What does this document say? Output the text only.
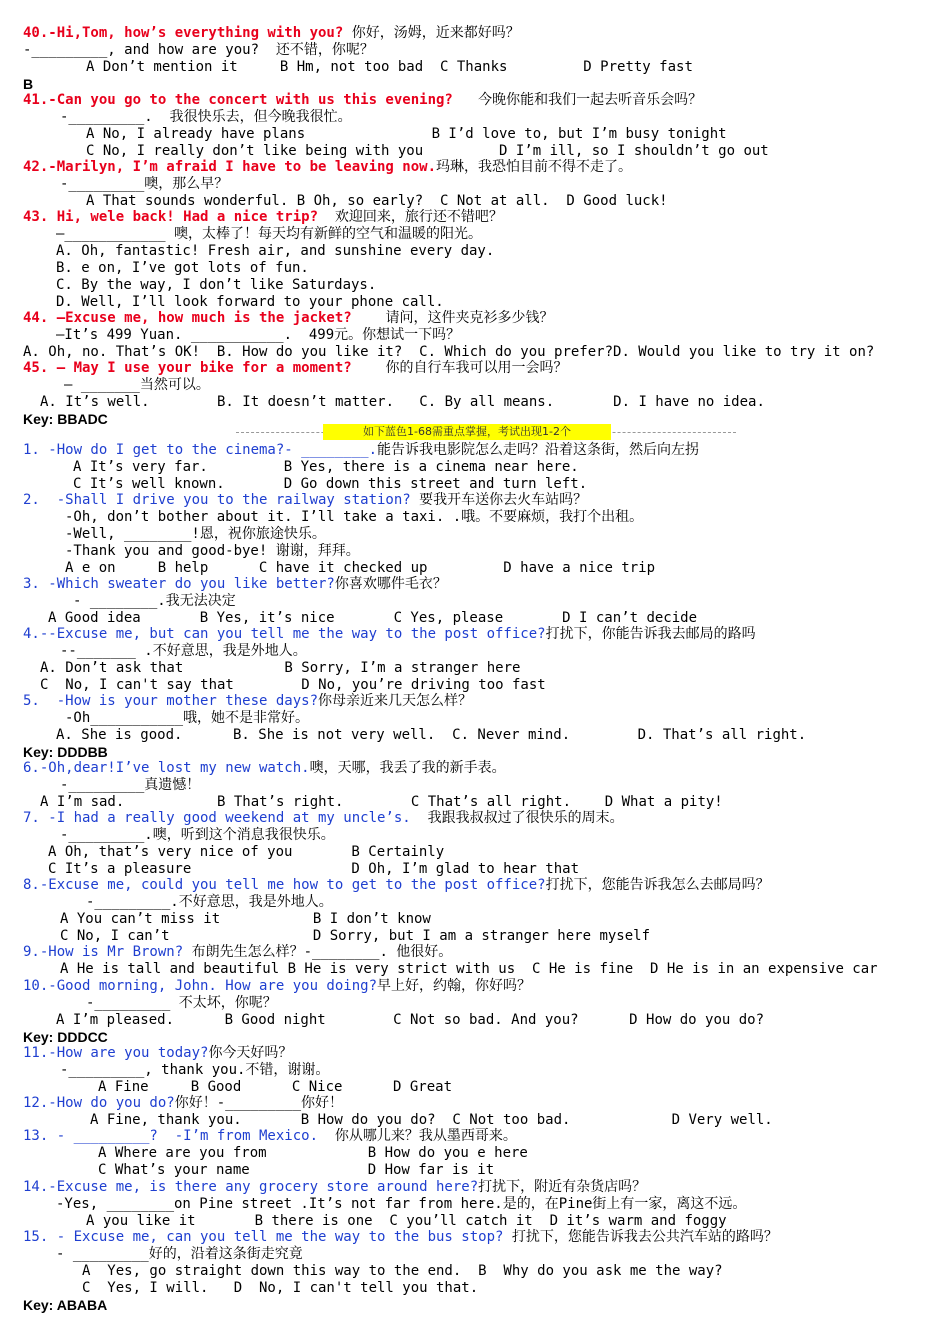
40.-Hi,Tom, how’s everything with you? 你好，汤姆，近来都好吗？
-_________, and how are you?  还不错，你呢？
A Don’t mention it     B Hm, not too bad  C Thanks         D Pretty fast
B
41.-Can you go to the concert with us this evening?   今晚你能和我们一起去听音乐会吗？
-_________.  我很快乐去，但今晚我很忙。
A No, I already have plans               B I’d love to, but I’m busy tonight
C No, I really don’t like being with you         D I’m ill, so I shouldn’t go out
42.-Marilyn, I’m afraid I have to be leaving now.玛琳，我恐怕目前不得不走了。
-_________噢，那么早？
A That sounds wonderful. B Oh, so early?  C Not at all.  D Good luck!
43. Hi, wele back! Had a nice trip?  欢迎回来，旅行还不错吧？
—____________ 噢，太棒了！每天均有新鲜的空气和温暖的阳光。
A. Oh, fantastic! Fresh air, and sunshine every day.
B. e on, I’ve got lots of fun.
C. By the way, I don’t like Saturdays.
D. Well, I’ll look forward to your phone call.
44. —Excuse me, how much is the jacket?    请问，这件夹克衫多少钱？
—It’s 499 Yuan. ___________.  499元。你想试一下吗？
A. Oh, no. That’s OK!  B. How do you like it?  C. Which do you prefer?D. Would you like to try it on?
45. — May I use your bike for a moment?    你的自行车我可以用一会吗？
— _______当然可以。
A. It’s well.        B. It doesn’t matter.   C. By all means.       D. I have no idea.
Key: BBADC
如下蓝色1-68需重点掌握，考试出现1-2个
1. -How do I get to the cinema?- ________.能告诉我电影院怎么走吗？沿着这条街，然后向左拐
A It’s very far.         B Yes, there is a cinema near here.
C It’s well known.       D Go down this street and turn left.
2.  -Shall I drive you to the railway station? 要我开车送你去火车站吗？
-Oh, don’t bother about it. I’ll take a taxi. .哦。不要麻烦，我打个出租。
-Well, ________!恩，祝你旅途快乐。
-Thank you and good-bye! 谢谢，拜拜。
A e on     B help      C have it checked up         D have a nice trip
3. -Which sweater do you like better?你喜欢哪件毛衣？
- ________.我无法决定
A Good idea       B Yes, it’s nice       C Yes, please       D I can’t decide
4.--Excuse me, but can you tell me the way to the post office?打扰下，你能告诉我去邮局的路吗
--_______ .不好意思，我是外地人。
A. Don’t ask that            B Sorry, I’m a stranger here
C  No, I can't say that        D No, you’re driving too fast
5.  -How is your mother these days?你母亲近来几天怎么样？
-Oh___________哦，她不是非常好。
A. She is good.      B. She is not very well.  C. Never mind.        D. That’s all right.
Key: DDDBB
6.-Oh,dear!I’ve lost my new watch.噢，天哪，我丢了我的新手表。
-_________真遗憾！
A I’m sad.           B That’s right.        C That’s all right.    D What a pity!
7. -I had a really good weekend at my uncle’s.  我跟我叔叔过了很快乐的周末。
-_________.噢，听到这个消息我很快乐。
A Oh, that’s very nice of you       B Certainly
C It’s a pleasure                   D Oh, I’m glad to hear that
8.-Excuse me, could you tell me how to get to the post office?打扰下，您能告诉我怎么去邮局吗？
-_________.不好意思，我是外地人。
A You can’t miss it           B I don’t know
C No, I can’t                 D Sorry, but I am a stranger here myself
9.-How is Mr Brown? 布朗先生怎么样？-________. 他很好。
A He is tall and beautiful B He is very strict with us  C He is fine  D He is in an expensive car
10.-Good morning, John. How are you doing?早上好，约翰，你好吗？
-_________ 不太坏，你呢？
A I’m pleased.      B Good night        C Not so bad. And you?      D How do you do?
Key: DDDCC
11.-How are you today?你今天好吗？
-_________, thank you.不错，谢谢。
A Fine     B Good      C Nice      D Great
12.-How do you do?你好！-_________你好！
A Fine, thank you.       B How do you do?  C Not too bad.            D Very well.
13. - _________?  -I’m from Mexico.  你从哪儿来？我从墨西哥来。
A Where are you from            B How do you e here
C What’s your name              D How far is it
14.-Excuse me, is there any grocery store around here?打扰下，附近有杂货店吗？
-Yes, ________on Pine street .It’s not far from here.是的，在Pine街上有一家，离这不远。
A you like it       B there is one  C you’ll catch it  D it’s warm and foggy
15. - Excuse me, can you tell me the way to the bus stop? 打扰下，您能告诉我去公共汽车站的路吗？
- _________好的，沿着这条街走究竟
A  Yes, go straight down this way to the end.  B  Why do you ask me the way?
C  Yes, I will.   D  No, I can't tell you that.
Key: ABABA
